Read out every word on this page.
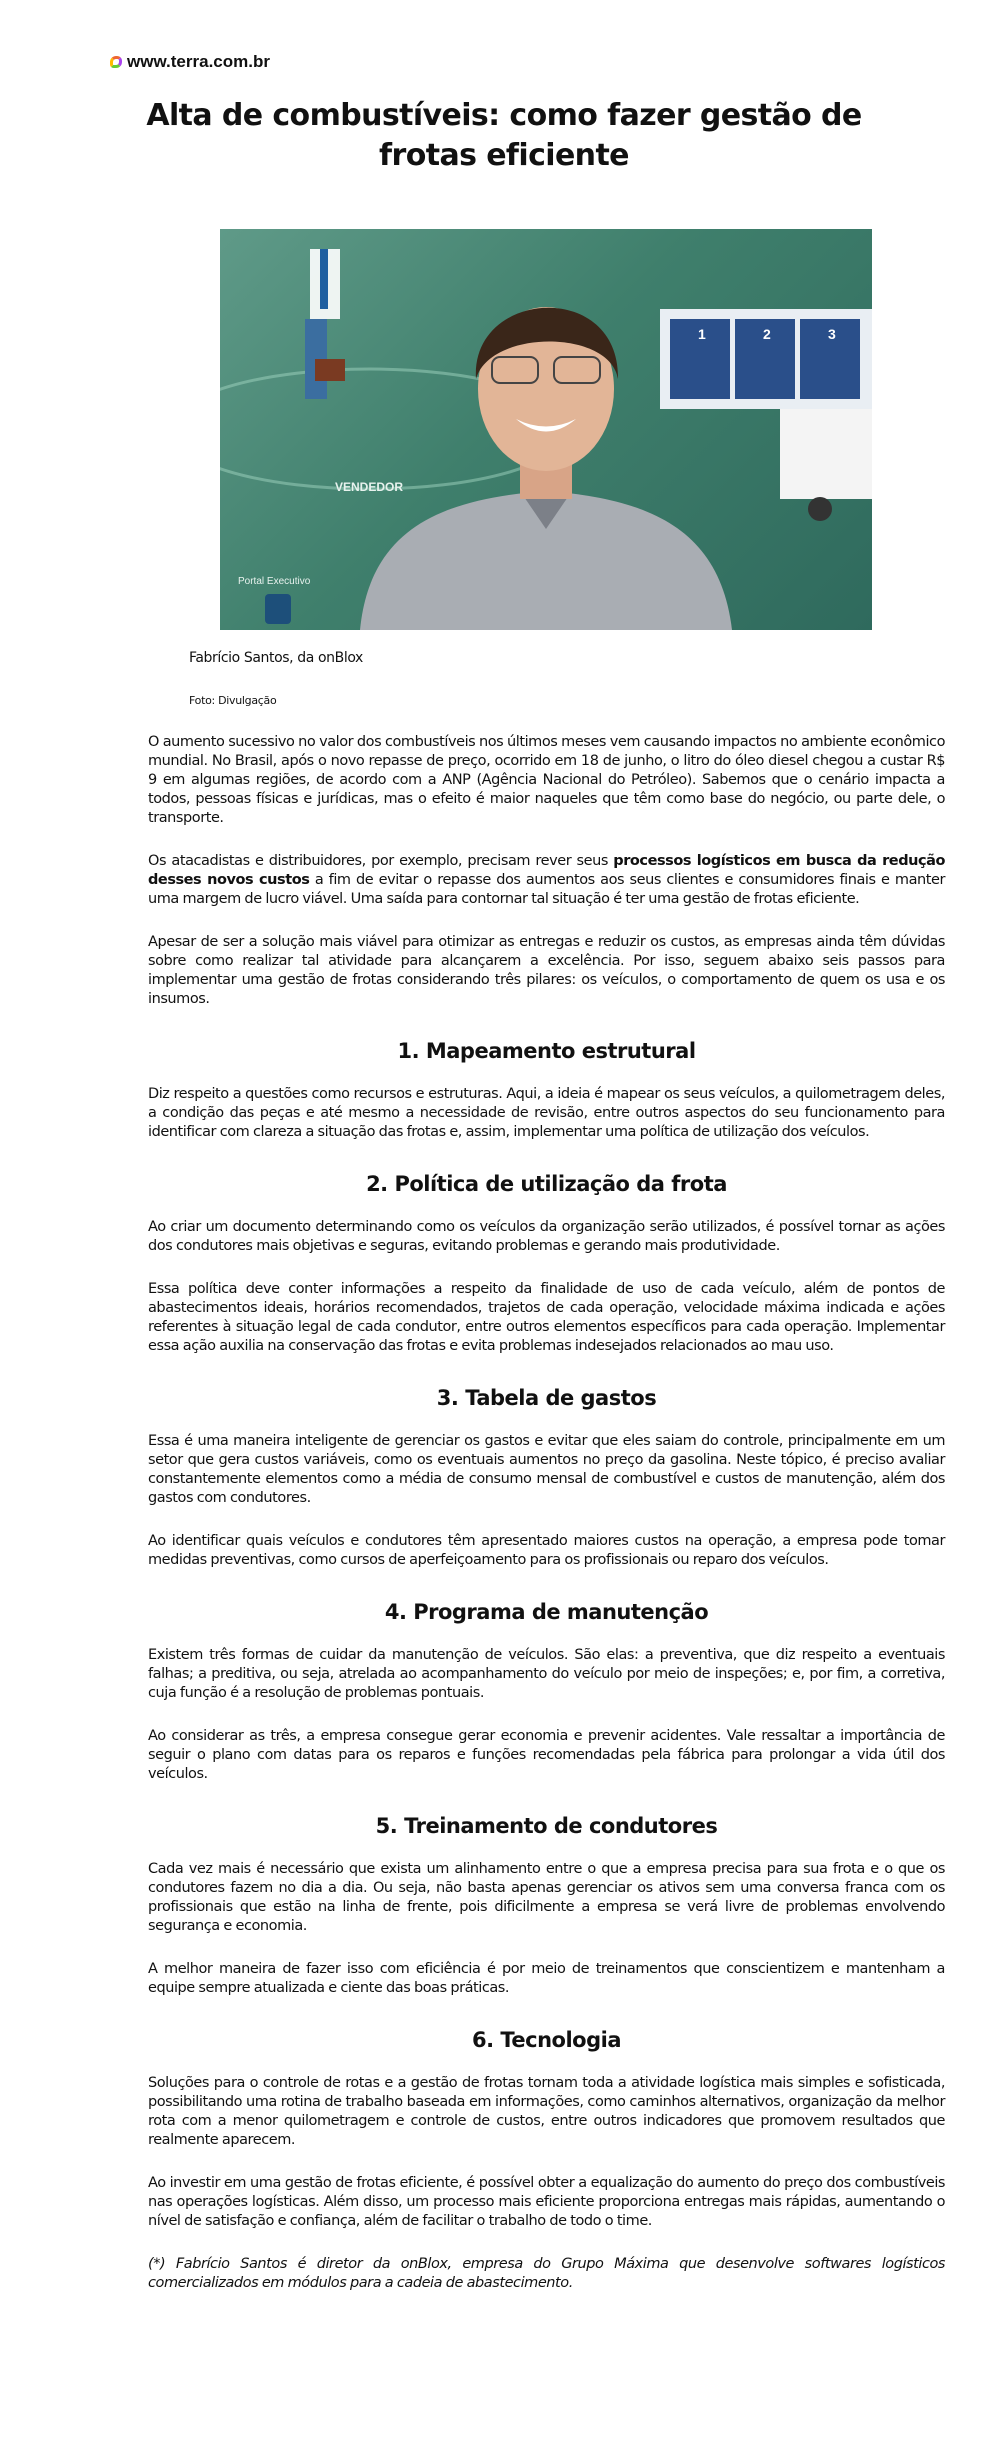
www.terra.com.br
Alta de combustíveis: como fazer gestão de frotas eficiente
VENDEDOR
Portal Executivo
1	2	3
Fabrício Santos, da onBlox
Foto: Divulgação

O aumento sucessivo no valor dos combustíveis nos últimos meses vem causando impactos no ambiente econômico mundial. No Brasil, após o novo repasse de preço, ocorrido em 18 de junho, o litro do óleo diesel chegou a custar R$ 9 em algumas regiões, de acordo com a ANP (Agência Nacional do Petróleo). Sabemos que o cenário impacta a todos, pessoas físicas e jurídicas, mas o efeito é maior naqueles que têm como base do negócio, ou parte dele, o transporte.

Os atacadistas e distribuidores, por exemplo, precisam rever seus processos logísticos em busca da redução desses novos custos a fim de evitar o repasse dos aumentos aos seus clientes e consumidores finais e manter uma margem de lucro viável. Uma saída para contornar tal situação é ter uma gestão de frotas eficiente.

Apesar de ser a solução mais viável para otimizar as entregas e reduzir os custos, as empresas ainda têm dúvidas sobre como realizar tal atividade para alcançarem a excelência. Por isso, seguem abaixo seis passos para implementar uma gestão de frotas considerando três pilares: os veículos, o comportamento de quem os usa e os insumos.

1. Mapeamento estrutural

Diz respeito a questões como recursos e estruturas. Aqui, a ideia é mapear os seus veículos, a quilometragem deles, a condição das peças e até mesmo a necessidade de revisão, entre outros aspectos do seu funcionamento para identificar com clareza a situação das frotas e, assim, implementar uma política de utilização dos veículos.

2. Política de utilização da frota

Ao criar um documento determinando como os veículos da organização serão utilizados, é possível tornar as ações dos condutores mais objetivas e seguras, evitando problemas e gerando mais produtividade.

Essa política deve conter informações a respeito da finalidade de uso de cada veículo, além de pontos de abastecimentos ideais, horários recomendados, trajetos de cada operação, velocidade máxima indicada e ações referentes à situação legal de cada condutor, entre outros elementos específicos para cada operação. Implementar essa ação auxilia na conservação das frotas e evita problemas indesejados relacionados ao mau uso.

3. Tabela de gastos

Essa é uma maneira inteligente de gerenciar os gastos e evitar que eles saiam do controle, principalmente em um setor que gera custos variáveis, como os eventuais aumentos no preço da gasolina. Neste tópico, é preciso avaliar constantemente elementos como a média de consumo mensal de combustível e custos de manutenção, além dos gastos com condutores.

Ao identificar quais veículos e condutores têm apresentado maiores custos na operação, a empresa pode tomar medidas preventivas, como cursos de aperfeiçoamento para os profissionais ou reparo dos veículos.

4. Programa de manutenção

Existem três formas de cuidar da manutenção de veículos. São elas: a preventiva, que diz respeito a eventuais falhas; a preditiva, ou seja, atrelada ao acompanhamento do veículo por meio de inspeções; e, por fim, a corretiva, cuja função é a resolução de problemas pontuais.

Ao considerar as três, a empresa consegue gerar economia e prevenir acidentes. Vale ressaltar a importância de seguir o plano com datas para os reparos e funções recomendadas pela fábrica para prolongar a vida útil dos veículos.

5. Treinamento de condutores

Cada vez mais é necessário que exista um alinhamento entre o que a empresa precisa para sua frota e o que os condutores fazem no dia a dia. Ou seja, não basta apenas gerenciar os ativos sem uma conversa franca com os profissionais que estão na linha de frente, pois dificilmente a empresa se verá livre de problemas envolvendo segurança e economia.

A melhor maneira de fazer isso com eficiência é por meio de treinamentos que conscientizem e mantenham a equipe sempre atualizada e ciente das boas práticas.

6. Tecnologia

Soluções para o controle de rotas e a gestão de frotas tornam toda a atividade logística mais simples e sofisticada, possibilitando uma rotina de trabalho baseada em informações, como caminhos alternativos, organização da melhor rota com a menor quilometragem e controle de custos, entre outros indicadores que promovem resultados que realmente aparecem.

Ao investir em uma gestão de frotas eficiente, é possível obter a equalização do aumento do preço dos combustíveis nas operações logísticas. Além disso, um processo mais eficiente proporciona entregas mais rápidas, aumentando o nível de satisfação e confiança, além de facilitar o trabalho de todo o time.

(*) Fabrício Santos é diretor da onBlox, empresa do Grupo Máxima que desenvolve softwares logísticos comercializados em módulos para a cadeia de abastecimento.
